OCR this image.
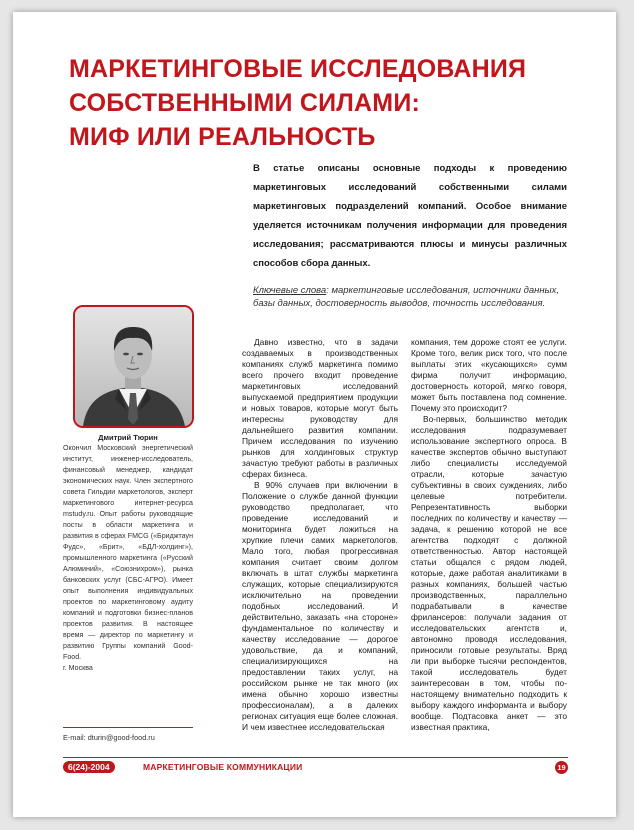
МАРКЕТИНГОВЫЕ ИССЛЕДОВАНИЯ
СОБСТВЕННЫМИ СИЛАМИ:
МИФ ИЛИ РЕАЛЬНОСТЬ

В статье описаны основные подходы к проведению маркетинговых исследований собственными силами маркетинговых подразделений компаний. Особое внимание уделяется источникам получения информации для проведения исследования; рассматриваются плюсы и минусы различных способов сбора данных.

Ключевые слова: маркетинговые исследования, источники данных, базы данных, достоверность выводов, точность исследования.

Дмитрий Тюрин
Окончил Московский энергетический институт, инженер-исследователь, финансовый менеджер, кандидат экономических наук. Член экспертного совета Гильдии маркетологов, эксперт маркетингового интернет-ресурса mstudy.ru. Опыт работы руководящие посты в области маркетинга и развития в сферах FMCG («Бриджтаун Фудс», «Брит», «БДЛ-холдинг»), промышленного маркетинга («Русский Алюминий», «Союзнихром»), рынка банковских услуг (СБС-АГРО). Имеет опыт выполнения индивидуальных проектов по маркетинговому аудиту компаний и подготовки бизнес-планов проектов развития. В настоящее время — директор по маркетингу и развитию Группы компаний Good-Food.
г. Москва
E-mail: dturin@good-food.ru

Давно известно, что в задачи создаваемых в производственных компаниях служб маркетинга помимо всего прочего входит проведение маркетинговых исследований выпускаемой предприятием продукции и новых товаров, которые могут быть интересны руководству для дальнейшего развития компании. Причем исследования по изучению рынков для холдинговых структур зачастую требуют работы в различных сферах бизнеса.

В 90% случаев при включении в Положение о службе данной функции руководство предполагает, что проведение исследований и мониторинга будет ложиться на хрупкие плечи самих маркетологов. Мало того, любая прогрессивная компания считает своим долгом включать в штат службы маркетинга служащих, которые специализируются исключительно на проведении подобных исследований. И действительно, заказать «на стороне» фундаментальное по количеству и качеству исследование — дорогое удовольствие, да и компаний, специализирующихся на предоставлении таких услуг, на российском рынке не так много (их имена обычно хорошо известны профессионалам), а в далеких регионах ситуация еще более сложная. И чем известнее исследовательская

компания, тем дороже стоят ее услуги. Кроме того, велик риск того, что после выплаты этих «кусающихся» сумм фирма получит информацию, достоверность которой, мягко говоря, может быть поставлена под сомнение. Почему это происходит?

Во-первых, большинство методик исследования подразумевает использование экспертного опроса. В качестве экспертов обычно выступают либо специалисты исследуемой отрасли, которые зачастую субъективны в своих суждениях, либо целевые потребители. Репрезентативность выборки последних по количеству и качеству — задача, к решению которой не все агентства подходят с должной ответственностью. Автор настоящей статьи общался с рядом людей, которые, даже работая аналитиками в разных компаниях, большей частью производственных, параллельно подрабатывали в качестве фрилансеров: получали задания от исследовательских агентств и, автономно проводя исследования, приносили готовые результаты. Вряд ли при выборке тысячи респондентов, такой исследователь будет заинтересован в том, чтобы по-настоящему внимательно подходить к выбору каждого информанта и выбору вообще. Подтасовка анкет — это известная практика,

6(24)-2004	МАРКЕТИНГОВЫЕ КОММУНИКАЦИИ	19
